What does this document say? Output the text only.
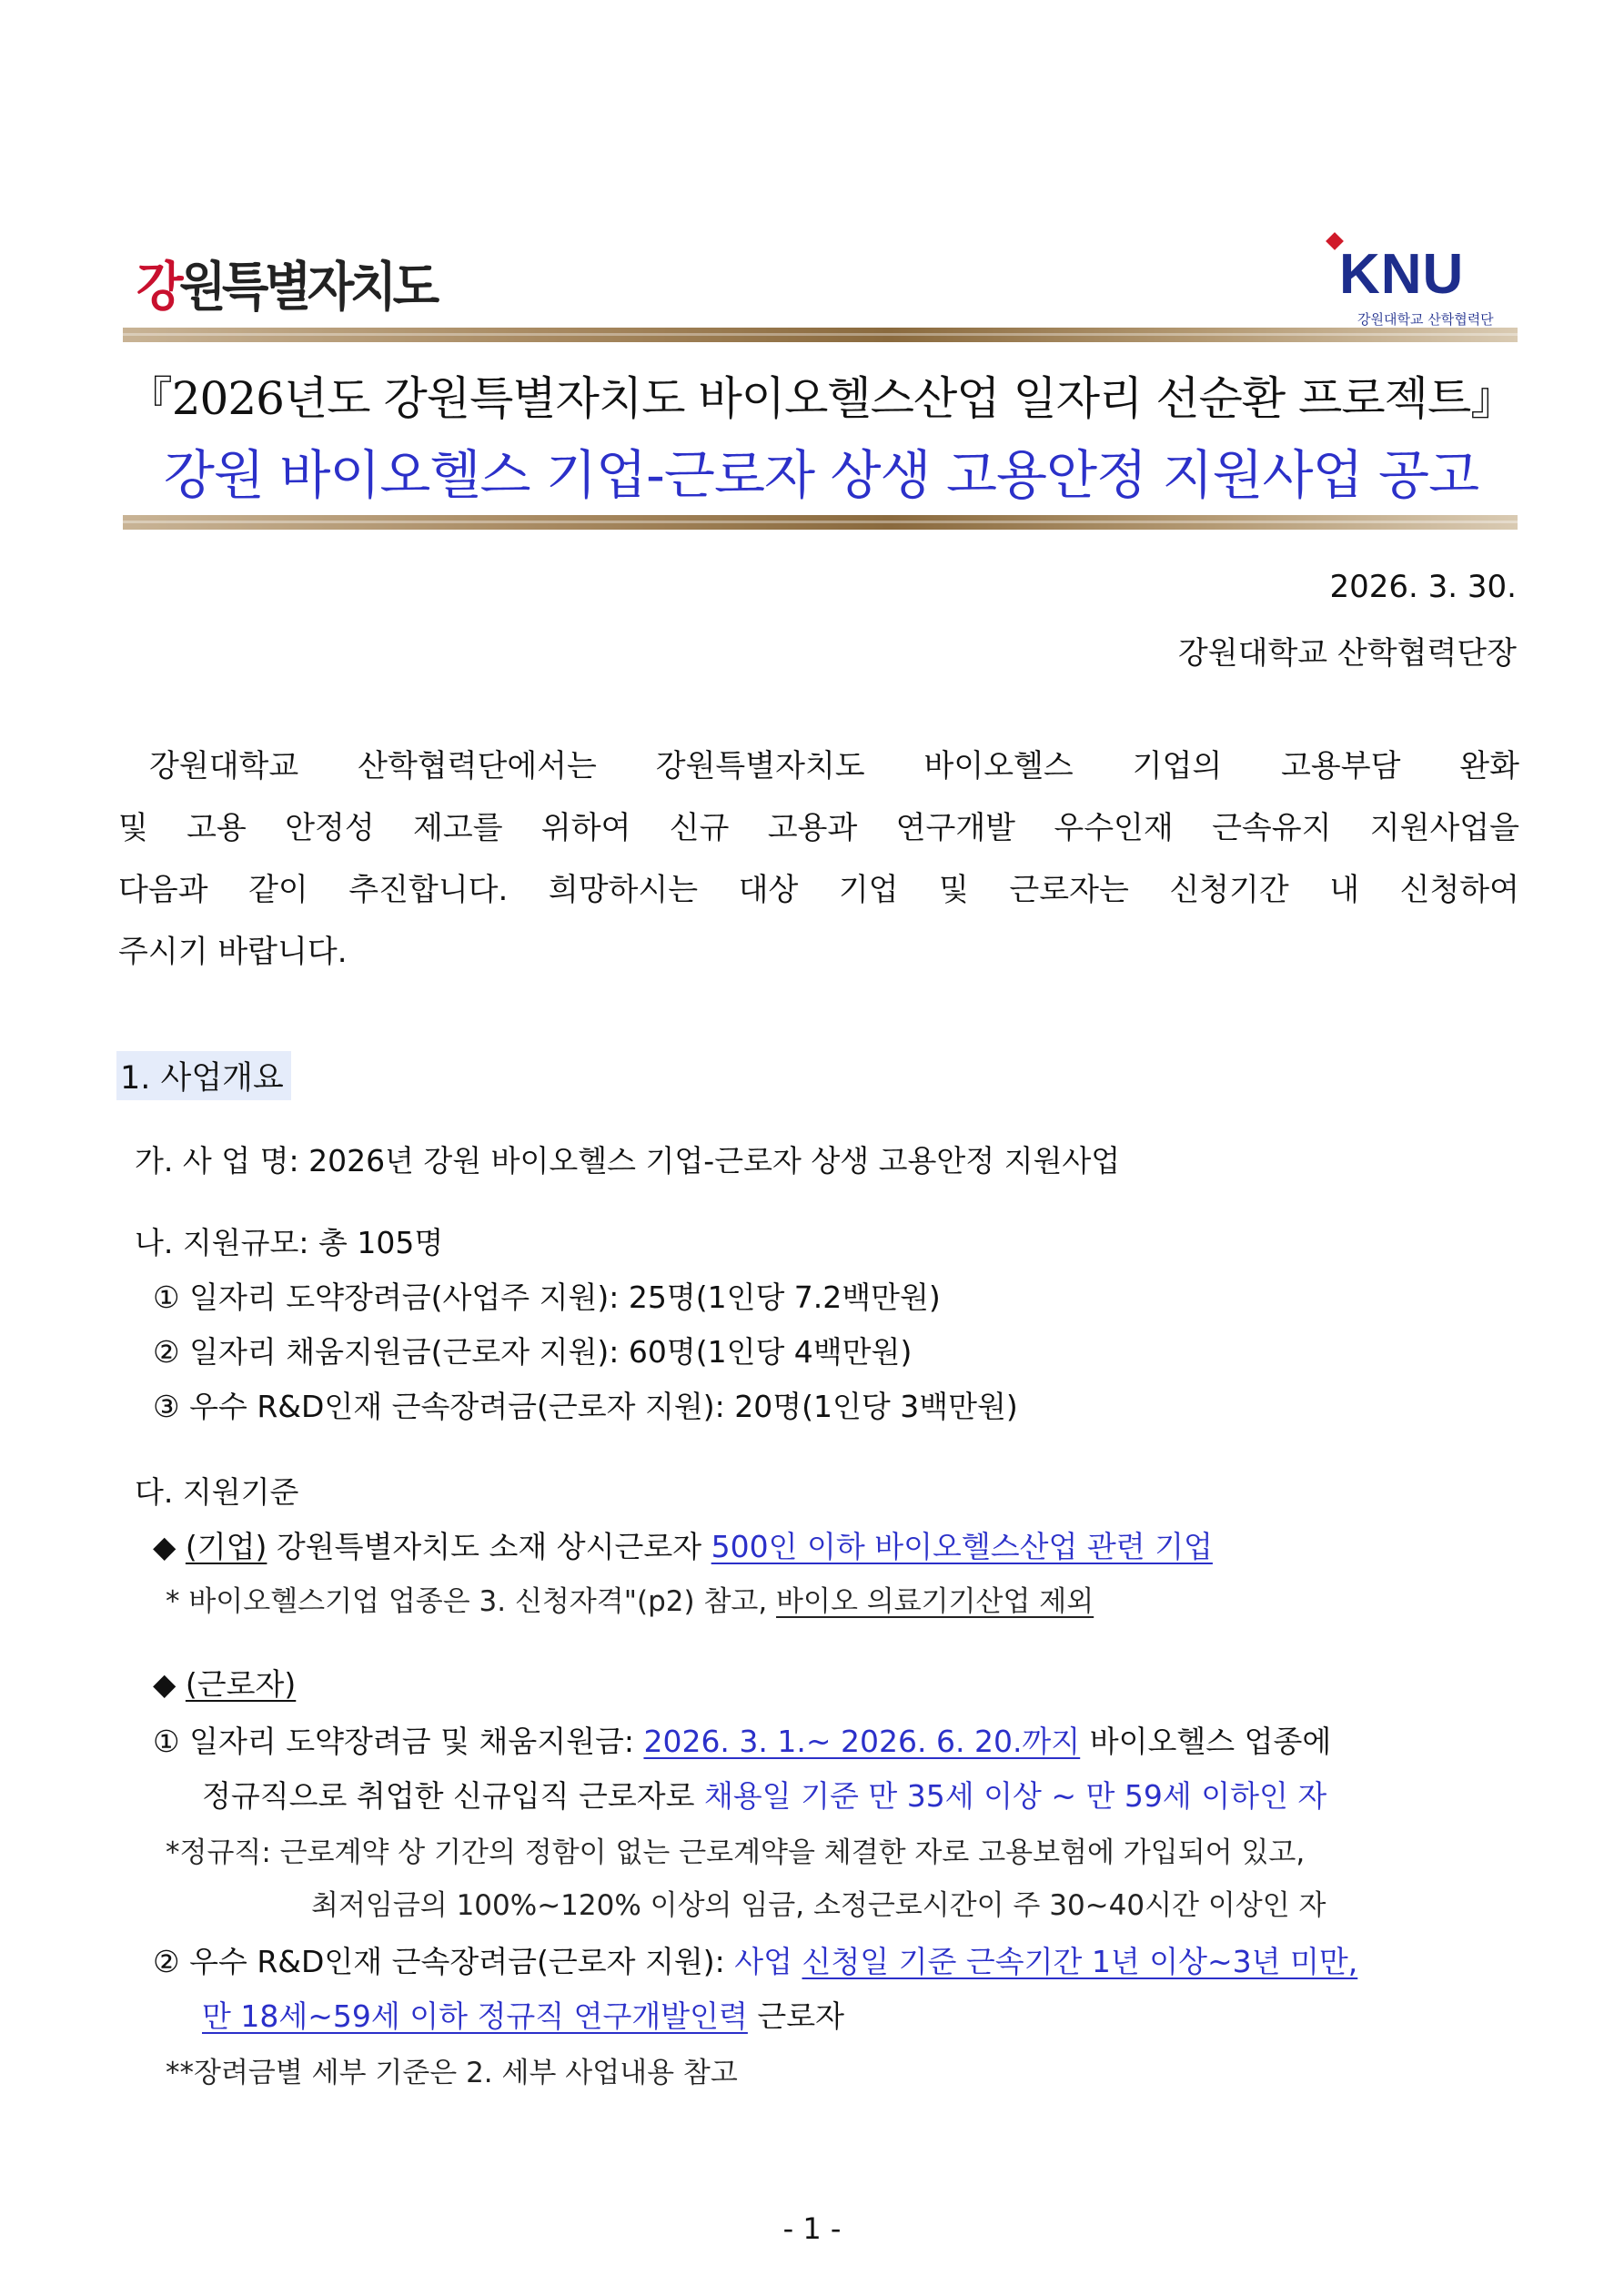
강원특별자치도	KNU
강원대학교 산학협력단
『2026년도 강원특별자치도 바이오헬스산업 일자리 선순환 프로젝트』
강원 바이오헬스 기업-근로자 상생 고용안정 지원사업 공고
2026. 3. 30.
강원대학교 산학협력단장
강원대학교 산학협력단에서는 강원특별자치도 바이오헬스 기업의 고용부담 완화
및 고용 안정성 제고를 위하여 신규 고용과 연구개발 우수인재 근속유지 지원사업을
다음과 같이 추진합니다. 희망하시는 대상 기업 및 근로자는 신청기간 내 신청하여
주시기 바랍니다.
1. 사업개요
가. 사 업 명: 2026년 강원 바이오헬스 기업-근로자 상생 고용안정 지원사업
나. 지원규모: 총 105명
① 일자리 도약장려금(사업주 지원): 25명(1인당 7.2백만원)
② 일자리 채움지원금(근로자 지원): 60명(1인당 4백만원)
③ 우수 R&D인재 근속장려금(근로자 지원): 20명(1인당 3백만원)
다. 지원기준
◆ (기업) 강원특별자치도 소재 상시근로자 500인 이하 바이오헬스산업 관련 기업
* 바이오헬스기업 업종은 3. 신청자격"(p2) 참고, 바이오 의료기기산업 제외
◆ (근로자)
① 일자리 도약장려금 및 채움지원금: 2026. 3. 1.~ 2026. 6. 20.까지 바이오헬스 업종에
정규직으로 취업한 신규입직 근로자로 채용일 기준 만 35세 이상 ~ 만 59세 이하인 자
*정규직: 근로계약 상 기간의 정함이 없는 근로계약을 체결한 자로 고용보험에 가입되어 있고,
최저임금의 100%~120% 이상의 임금, 소정근로시간이 주 30~40시간 이상인 자
② 우수 R&D인재 근속장려금(근로자 지원): 사업 신청일 기준 근속기간 1년 이상~3년 미만,
만 18세~59세 이하 정규직 연구개발인력 근로자
**장려금별 세부 기준은 2. 세부 사업내용 참고
- 1 -
